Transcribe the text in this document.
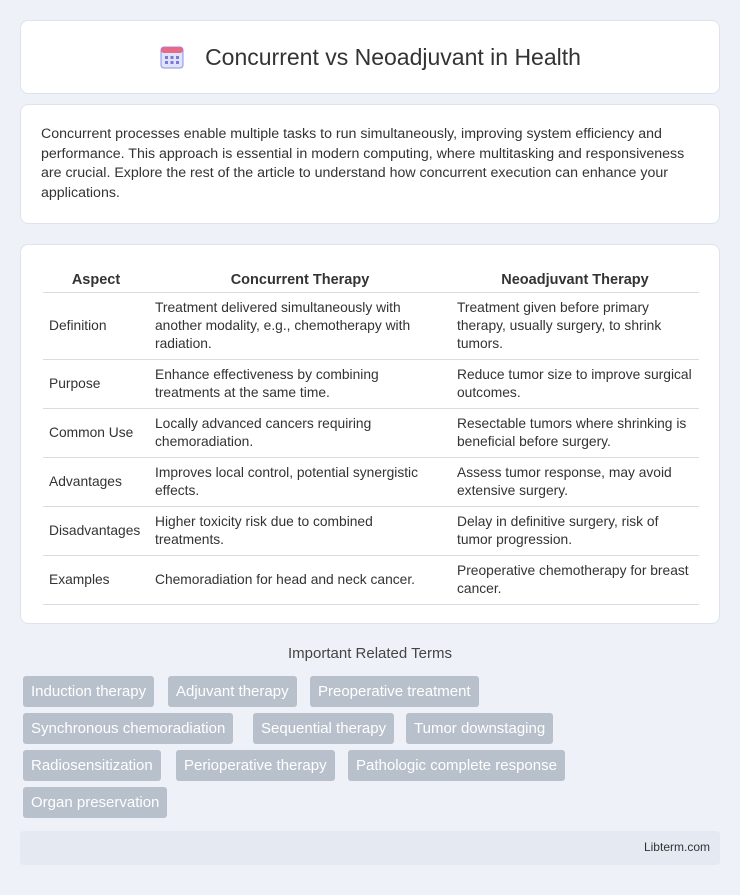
Concurrent vs Neoadjuvant in Health

Concurrent processes enable multiple tasks to run simultaneously, improving system efficiency and performance. This approach is essential in modern computing, where multitasking and responsiveness are crucial. Explore the rest of the article to understand how concurrent execution can enhance your applications.

Aspect	Concurrent Therapy	Neoadjuvant Therapy
Definition	Treatment delivered simultaneously with another modality, e.g., chemotherapy with radiation.	Treatment given before primary therapy, usually surgery, to shrink tumors.
Purpose	Enhance effectiveness by combining treatments at the same time.	Reduce tumor size to improve surgical outcomes.
Common Use	Locally advanced cancers requiring chemoradiation.	Resectable tumors where shrinking is beneficial before surgery.
Advantages	Improves local control, potential synergistic effects.	Assess tumor response, may avoid extensive surgery.
Disadvantages	Higher toxicity risk due to combined treatments.	Delay in definitive surgery, risk of tumor progression.
Examples	Chemoradiation for head and neck cancer.	Preoperative chemotherapy for breast cancer.
Important Related Terms
Induction therapy	Adjuvant therapy	Preoperative treatment
Synchronous chemoradiation	Sequential therapy	Tumor downstaging
Radiosensitization	Perioperative therapy	Pathologic complete response
Organ preservation
Libterm.com
